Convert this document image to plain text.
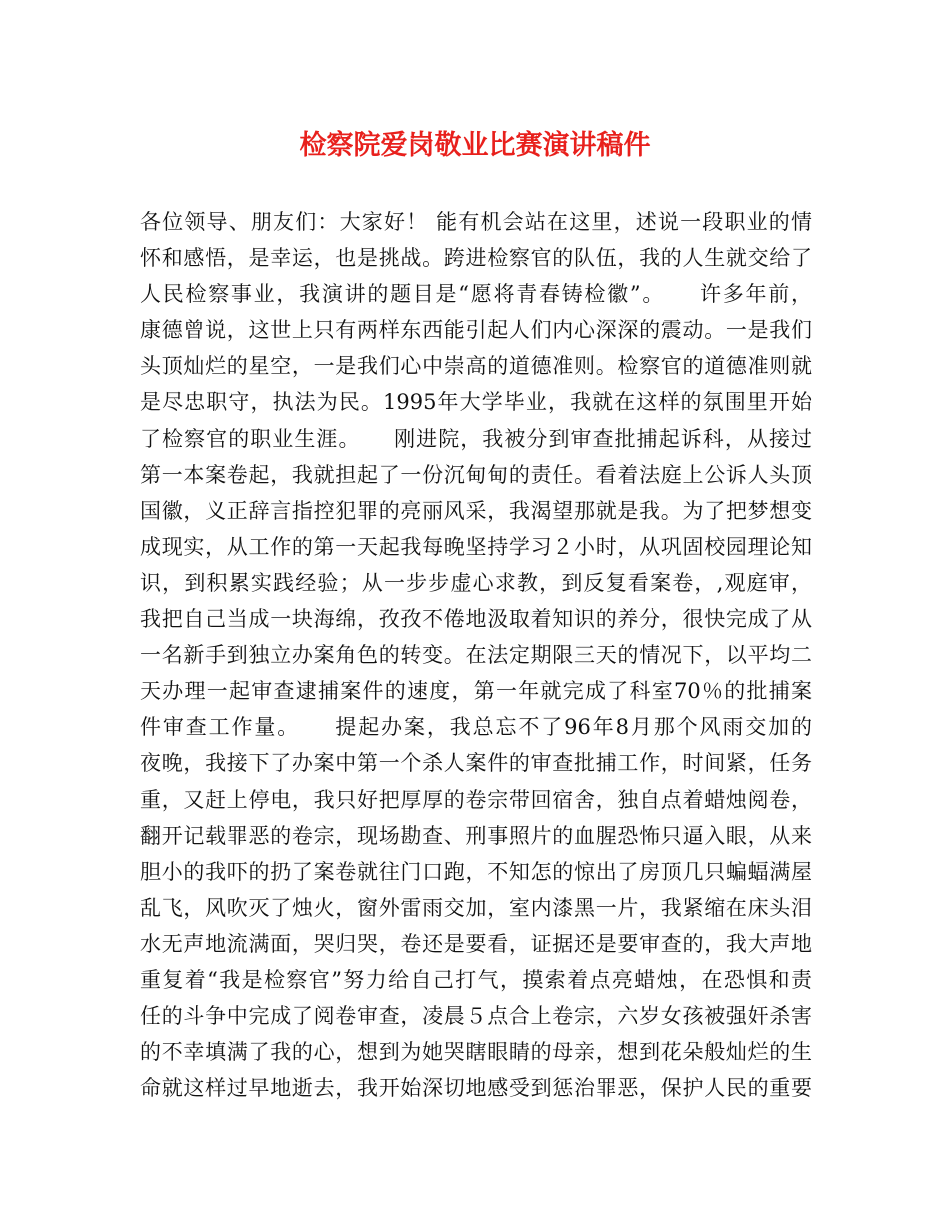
检察院爱岗敬业比赛演讲稿件
各位领导、朋友们：大家好！ 能有机会站在这里，述说一段职业的情
怀和感悟，是幸运，也是挑战。跨进检察官的队伍，我的人生就交给了
人民检察事业，我演讲的题目是“愿将青春铸检徽”。　　许多年前，
康德曾说，这世上只有两样东西能引起人们内心深深的震动。一是我们
头顶灿烂的星空，一是我们心中崇高的道德准则。检察官的道德准则就
是尽忠职守，执法为民。1995年大学毕业，我就在这样的氛围里开始
了检察官的职业生涯。　　刚进院，我被分到审查批捕起诉科，从接过
第一本案卷起，我就担起了一份沉甸甸的责任。看着法庭上公诉人头顶
国徽，义正辞言指控犯罪的亮丽风采，我渴望那就是我。为了把梦想变
成现实，从工作的第一天起我每晚坚持学习２小时，从巩固校园理论知
识，到积累实践经验；从一步步虚心求教，到反复看案卷，,观庭审，
我把自己当成一块海绵，孜孜不倦地汲取着知识的养分，很快完成了从
一名新手到独立办案角色的转变。在法定期限三天的情况下，以平均二
天办理一起审查逮捕案件的速度，第一年就完成了科室70％的批捕案
件审查工作量。　　提起办案，我总忘不了96年8月那个风雨交加的
夜晚，我接下了办案中第一个杀人案件的审查批捕工作，时间紧，任务
重，又赶上停电，我只好把厚厚的卷宗带回宿舍，独自点着蜡烛阅卷，
翻开记载罪恶的卷宗，现场勘查、刑事照片的血腥恐怖只逼入眼，从来
胆小的我吓的扔了案卷就往门口跑，不知怎的惊出了房顶几只蝙蝠满屋
乱飞，风吹灭了烛火，窗外雷雨交加，室内漆黑一片，我紧缩在床头泪
水无声地流满面，哭归哭，卷还是要看，证据还是要审查的，我大声地
重复着“我是检察官”努力给自己打气，摸索着点亮蜡烛，在恐惧和责
任的斗争中完成了阅卷审查，凌晨５点合上卷宗，六岁女孩被强奸杀害
的不幸填满了我的心，想到为她哭瞎眼睛的母亲，想到花朵般灿烂的生
命就这样过早地逝去，我开始深切地感受到惩治罪恶，保护人民的重要
